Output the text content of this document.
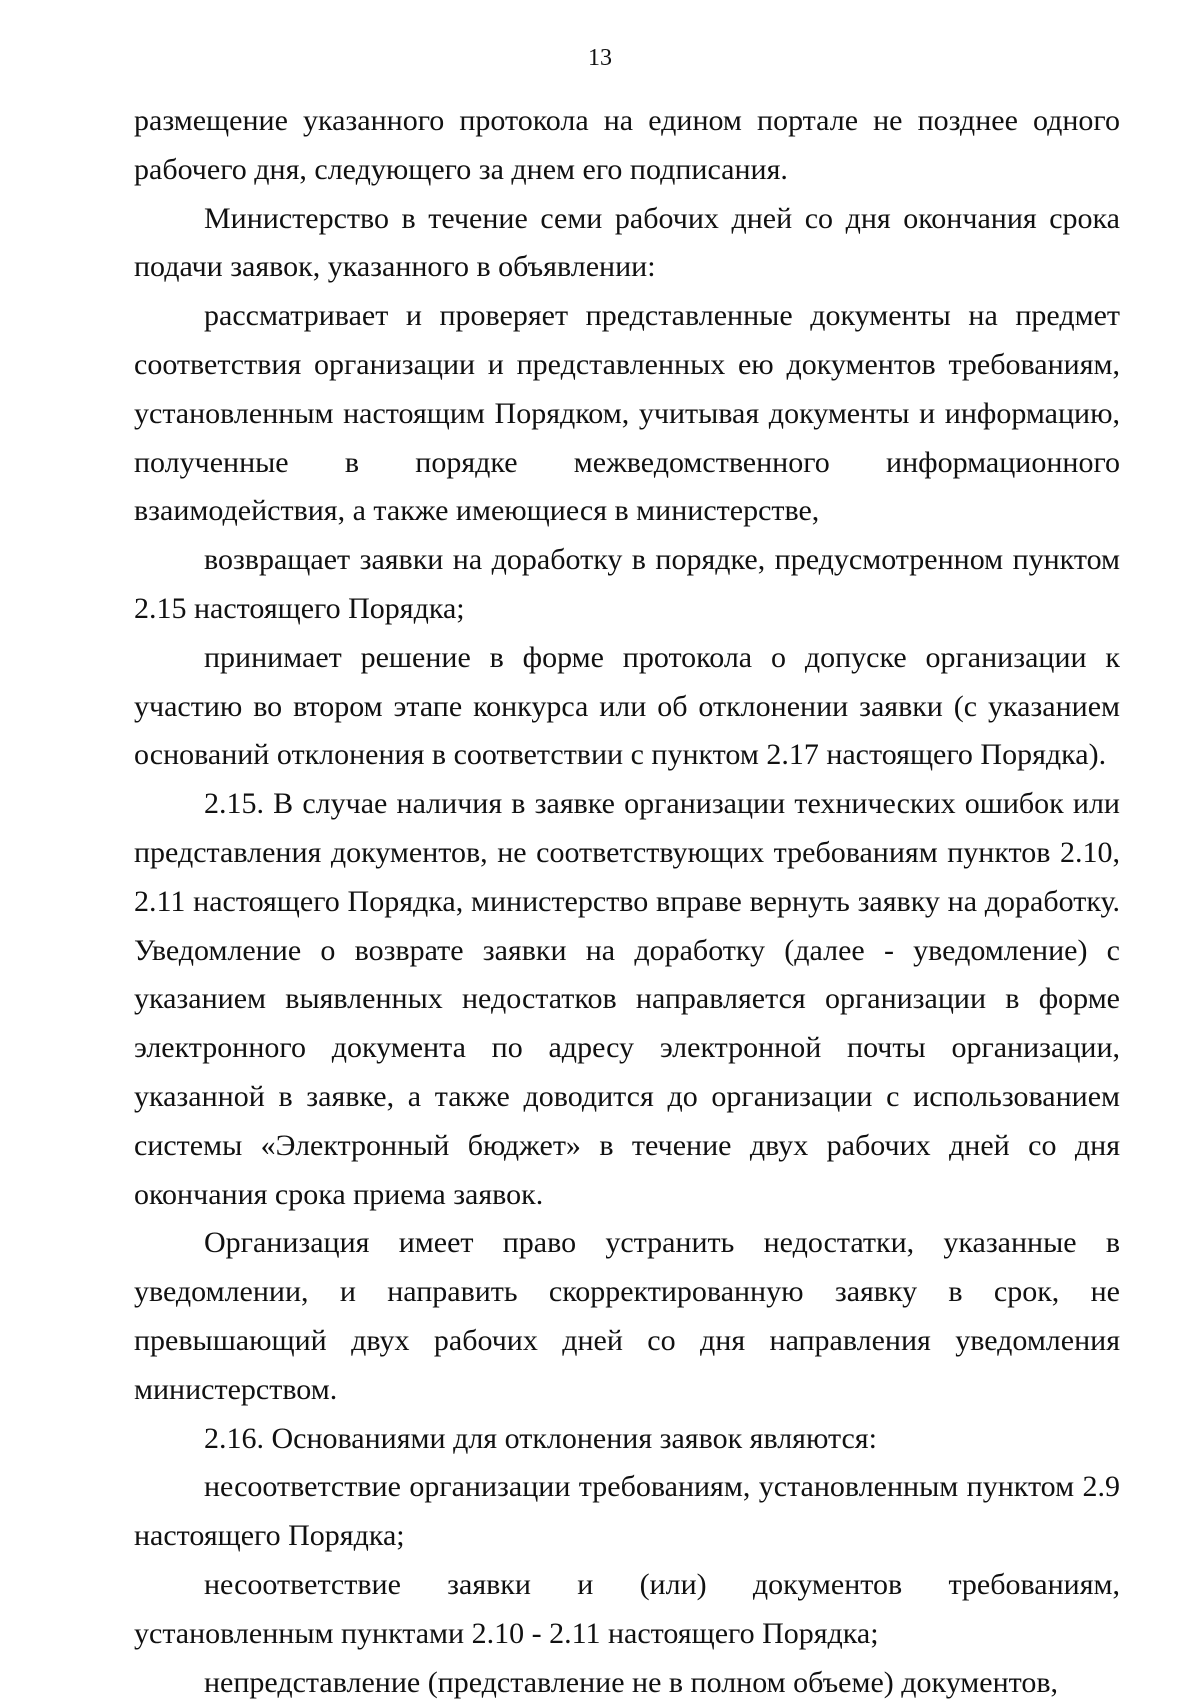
13

размещение указанного протокола на едином портале не позднее одного рабочего дня, следующего за днем его подписания.

Министерство в течение семи рабочих дней со дня окончания срока подачи заявок, указанного в объявлении:

рассматривает и проверяет представленные документы на предмет соответствия организации и представленных ею документов требованиям, установленным настоящим Порядком, учитывая документы и информацию, полученные в порядке межведомственного информационного взаимодействия, а также имеющиеся в министерстве,

возвращает заявки на доработку в порядке, предусмотренном пунктом 2.15 настоящего Порядка;

принимает решение в форме протокола о допуске организации к участию во втором этапе конкурса или об отклонении заявки (с указанием оснований отклонения в соответствии с пунктом 2.17 настоящего Порядка).

2.15. В случае наличия в заявке организации технических ошибок или представления документов, не соответствующих требованиям пунктов 2.10, 2.11 настоящего Порядка, министерство вправе вернуть заявку на доработку. Уведомление о возврате заявки на доработку (далее - уведомление) с указанием выявленных недостатков направляется организации в форме электронного документа по адресу электронной почты организации, указанной в заявке, а также доводится до организации с использованием системы «Электронный бюджет» в течение двух рабочих дней со дня окончания срока приема заявок.

Организация имеет право устранить недостатки, указанные в уведомлении, и направить скорректированную заявку в срок, не превышающий двух рабочих дней со дня направления уведомления министерством.

2.16. Основаниями для отклонения заявок являются:

несоответствие организации требованиям, установленным пунктом 2.9 настоящего Порядка;

несоответствие заявки и (или) документов требованиям, установленным пунктами 2.10 - 2.11 настоящего Порядка;

непредставление (представление не в полном объеме) документов,
